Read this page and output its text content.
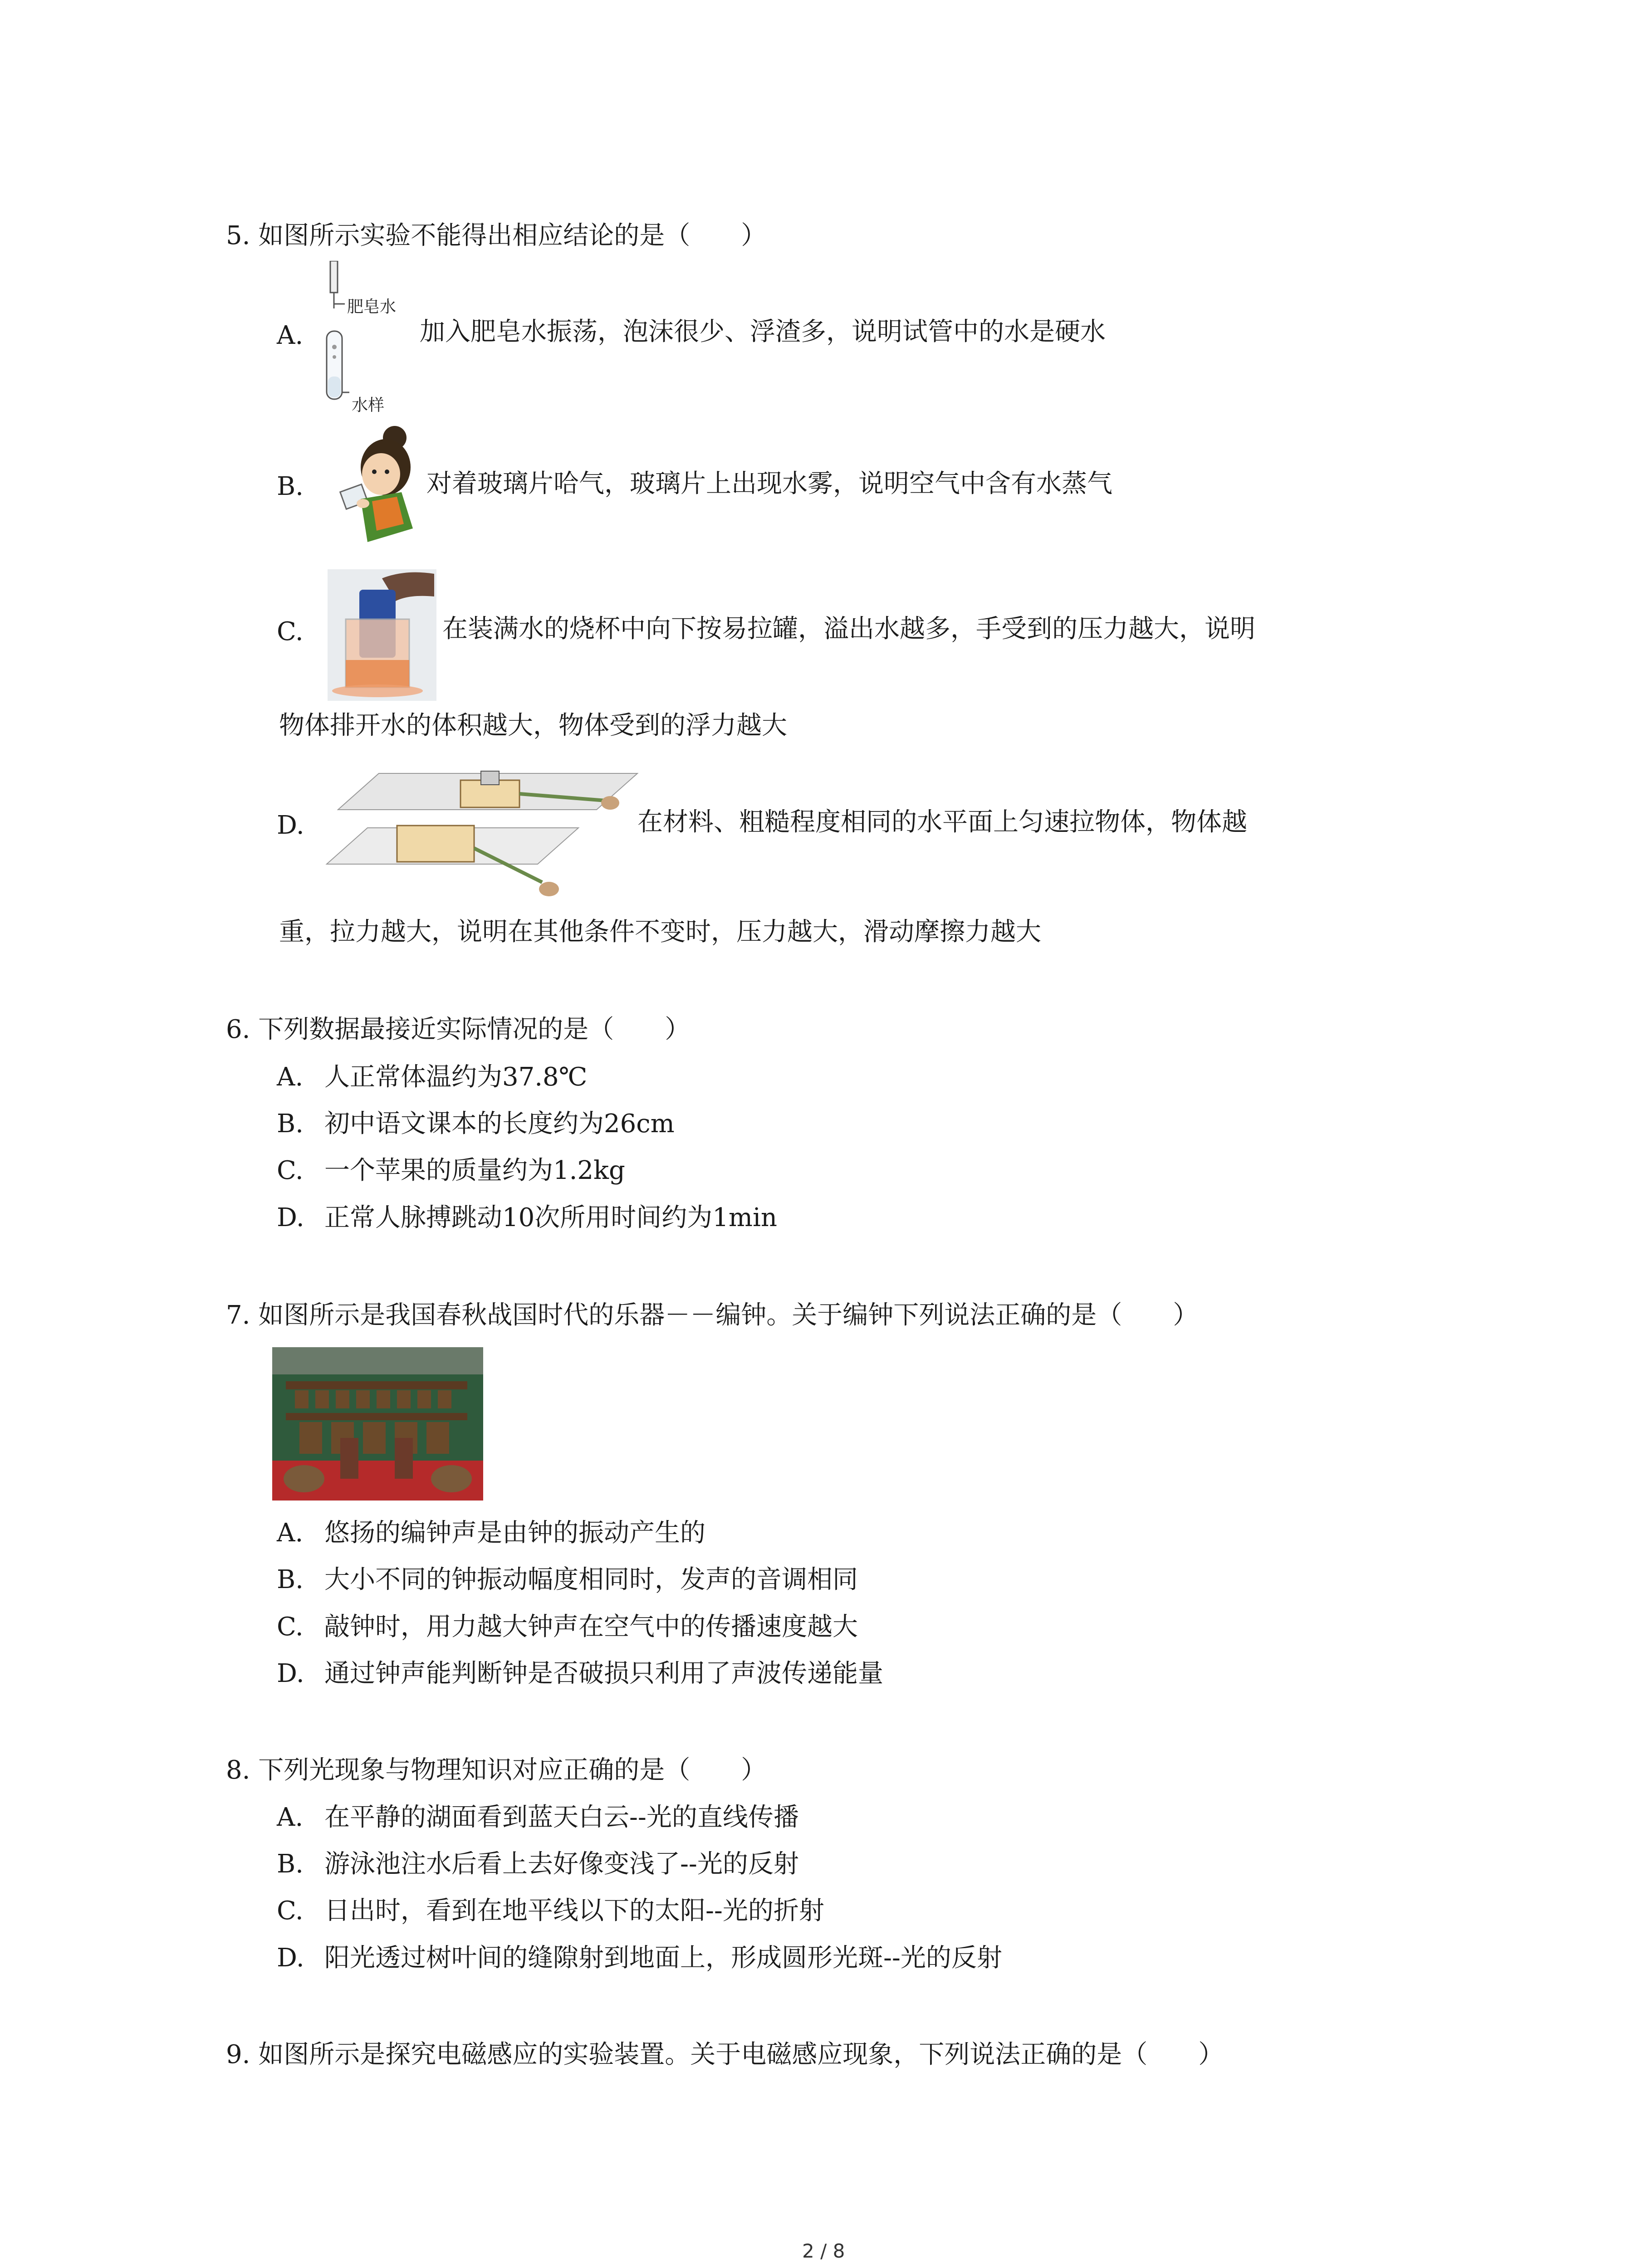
5. 如图所示实验不能得出相应结论的是（　　）
A.
肥皂水
水样
加入肥皂水振荡，泡沫很少、浮渣多，说明试管中的水是硬水
B.	对着玻璃片哈气，玻璃片上出现水雾，说明空气中含有水蒸气
C.	在装满水的烧杯中向下按易拉罐，溢出水越多，手受到的压力越大，说明
物体排开水的体积越大，物体受到的浮力越大
D.	在材料、粗糙程度相同的水平面上匀速拉物体，物体越
重，拉力越大，说明在其他条件不变时，压力越大，滑动摩擦力越大
6. 下列数据最接近实际情况的是（　　）
A. 人正常体温约为37.8℃
B. 初中语文课本的长度约为26cm
C. 一个苹果的质量约为1.2kg
D. 正常人脉搏跳动10次所用时间约为1min
7. 如图所示是我国春秋战国时代的乐器－－编钟。关于编钟下列说法正确的是（　　）
A. 悠扬的编钟声是由钟的振动产生的
B. 大小不同的钟振动幅度相同时，发声的音调相同
C. 敲钟时，用力越大钟声在空气中的传播速度越大
D. 通过钟声能判断钟是否破损只利用了声波传递能量
8. 下列光现象与物理知识对应正确的是（　　）
A. 在平静的湖面看到蓝天白云--光的直线传播
B. 游泳池注水后看上去好像变浅了--光的反射
C. 日出时，看到在地平线以下的太阳--光的折射
D. 阳光透过树叶间的缝隙射到地面上，形成圆形光斑--光的反射
9. 如图所示是探究电磁感应的实验装置。关于电磁感应现象，下列说法正确的是（　　）
2 / 8
